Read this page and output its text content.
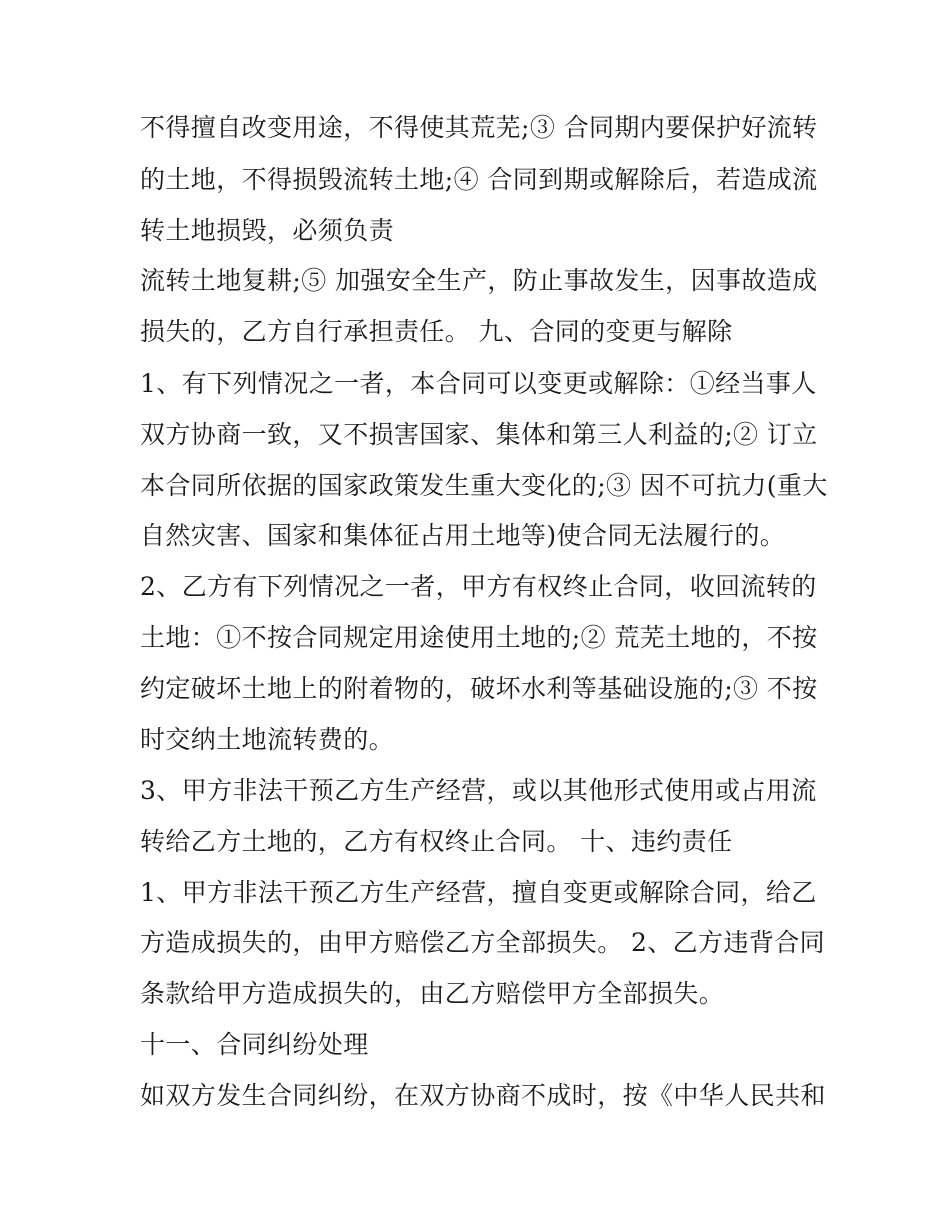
不得擅自改变用途，不得使其荒芜;③ 合同期内要保护好流转
的土地，不得损毁流转土地;④ 合同到期或解除后，若造成流
转土地损毁，必须负责
流转土地复耕;⑤ 加强安全生产，防止事故发生，因事故造成
损失的，乙方自行承担责任。 九、合同的变更与解除
1、有下列情况之一者，本合同可以变更或解除：①经当事人
双方协商一致，又不损害国家、集体和第三人利益的;② 订立
本合同所依据的国家政策发生重大变化的;③ 因不可抗力(重大
自然灾害、国家和集体征占用土地等)使合同无法履行的。
2、乙方有下列情况之一者，甲方有权终止合同，收回流转的
土地：①不按合同规定用途使用土地的;② 荒芜土地的，不按
约定破坏土地上的附着物的，破坏水利等基础设施的;③ 不按
时交纳土地流转费的。
3、甲方非法干预乙方生产经营，或以其他形式使用或占用流
转给乙方土地的，乙方有权终止合同。 十、违约责任
1、甲方非法干预乙方生产经营，擅自变更或解除合同，给乙
方造成损失的，由甲方赔偿乙方全部损失。 2、乙方违背合同
条款给甲方造成损失的，由乙方赔偿甲方全部损失。
十一、合同纠纷处理
如双方发生合同纠纷，在双方协商不成时，按《中华人民共和
